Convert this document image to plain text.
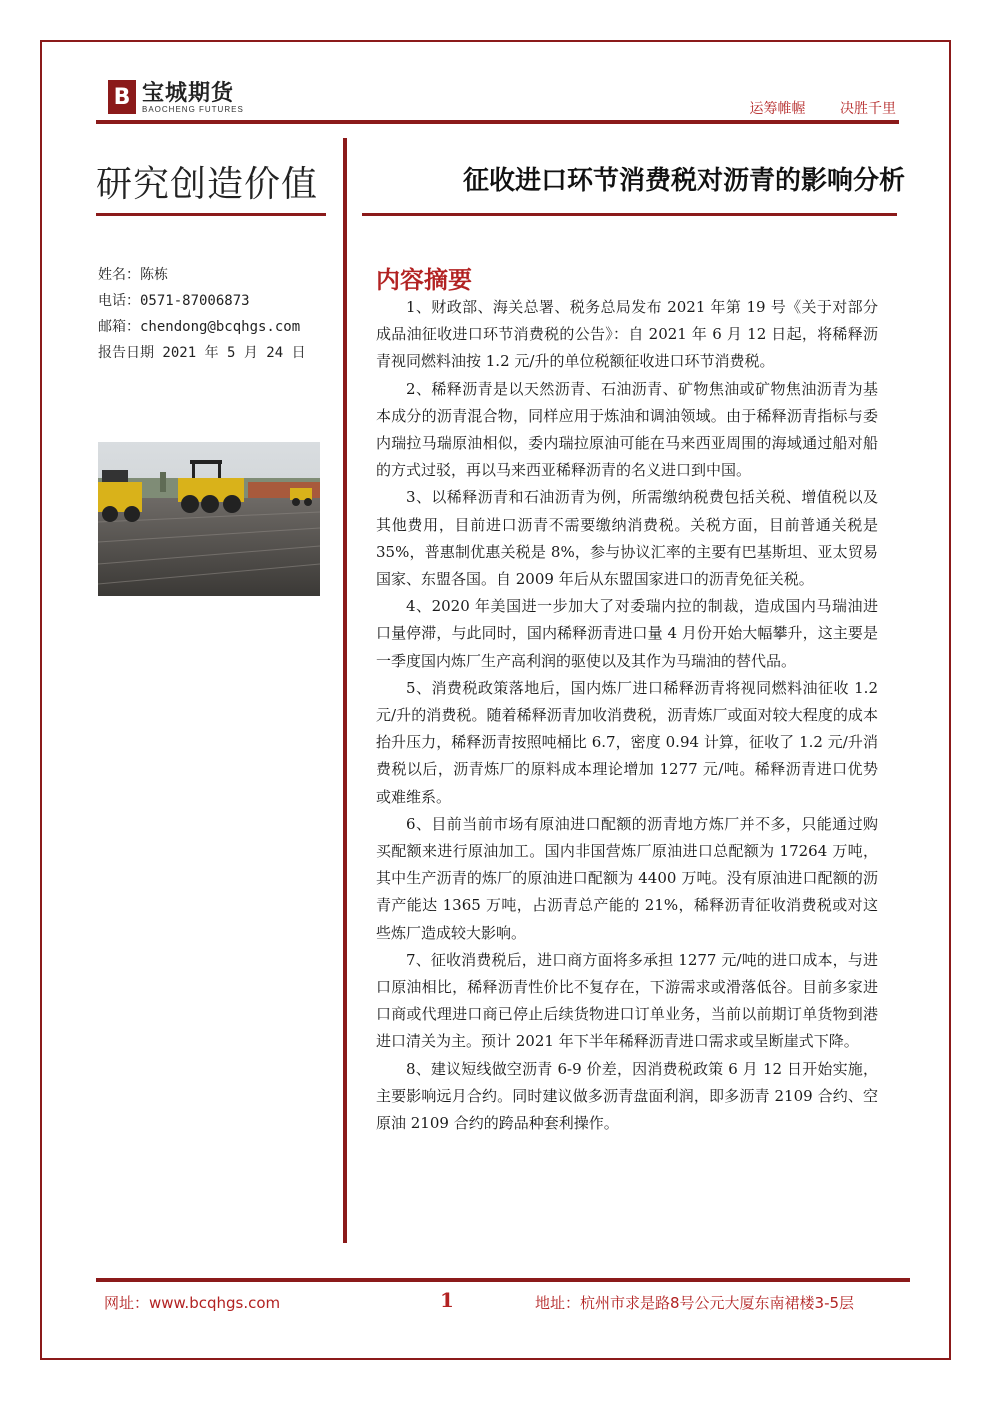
B 宝城期货
BAOCHENG FUTURES	运筹帷幄 决胜千里
研究创造价值	征收进口环节消费税对沥青的影响分析
姓名：陈栋
电话：0571-87006873
邮箱：chendong@bcqhgs.com
报告日期 2021 年 5 月 24 日
内容摘要

1、财政部、海关总署、税务总局发布 2021 年第 19 号《关于对部分成品油征收进口环节消费税的公告》：自 2021 年 6 月 12 日起，将稀释沥青视同燃料油按 1.2 元/升的单位税额征收进口环节消费税。

2、稀释沥青是以天然沥青、石油沥青、矿物焦油或矿物焦油沥青为基本成分的沥青混合物，同样应用于炼油和调油领域。由于稀释沥青指标与委内瑞拉马瑞原油相似，委内瑞拉原油可能在马来西亚周围的海域通过船对船的方式过驳，再以马来西亚稀释沥青的名义进口到中国。

3、以稀释沥青和石油沥青为例，所需缴纳税费包括关税、增值税以及其他费用，目前进口沥青不需要缴纳消费税。关税方面，目前普通关税是 35%，普惠制优惠关税是 8%，参与协议汇率的主要有巴基斯坦、亚太贸易国家、东盟各国。自 2009 年后从东盟国家进口的沥青免征关税。

4、2020 年美国进一步加大了对委瑞内拉的制裁，造成国内马瑞油进口量停滞，与此同时，国内稀释沥青进口量 4 月份开始大幅攀升，这主要是一季度国内炼厂生产高利润的驱使以及其作为马瑞油的替代品。

5、消费税政策落地后，国内炼厂进口稀释沥青将视同燃料油征收 1.2 元/升的消费税。随着稀释沥青加收消费税，沥青炼厂或面对较大程度的成本抬升压力，稀释沥青按照吨桶比 6.7，密度 0.94 计算，征收了 1.2 元/升消费税以后，沥青炼厂的原料成本理论增加 1277 元/吨。稀释沥青进口优势或难维系。

6、目前当前市场有原油进口配额的沥青地方炼厂并不多，只能通过购买配额来进行原油加工。国内非国营炼厂原油进口总配额为 17264 万吨，其中生产沥青的炼厂的原油进口配额为 4400 万吨。没有原油进口配额的沥青产能达 1365 万吨，占沥青总产能的 21%，稀释沥青征收消费税或对这些炼厂造成较大影响。

7、征收消费税后，进口商方面将多承担 1277 元/吨的进口成本，与进口原油相比，稀释沥青性价比不复存在，下游需求或滑落低谷。目前多家进口商或代理进口商已停止后续货物进口订单业务，当前以前期订单货物到港进口清关为主。预计 2021 年下半年稀释沥青进口需求或呈断崖式下降。

8、建议短线做空沥青 6-9 价差，因消费税政策 6 月 12 日开始实施，主要影响远月合约。同时建议做多沥青盘面利润，即多沥青 2109 合约、空原油 2109 合约的跨品种套利操作。

网址：www.bcqhgs.com	1	地址：杭州市求是路8号公元大厦东南裙楼3-5层
